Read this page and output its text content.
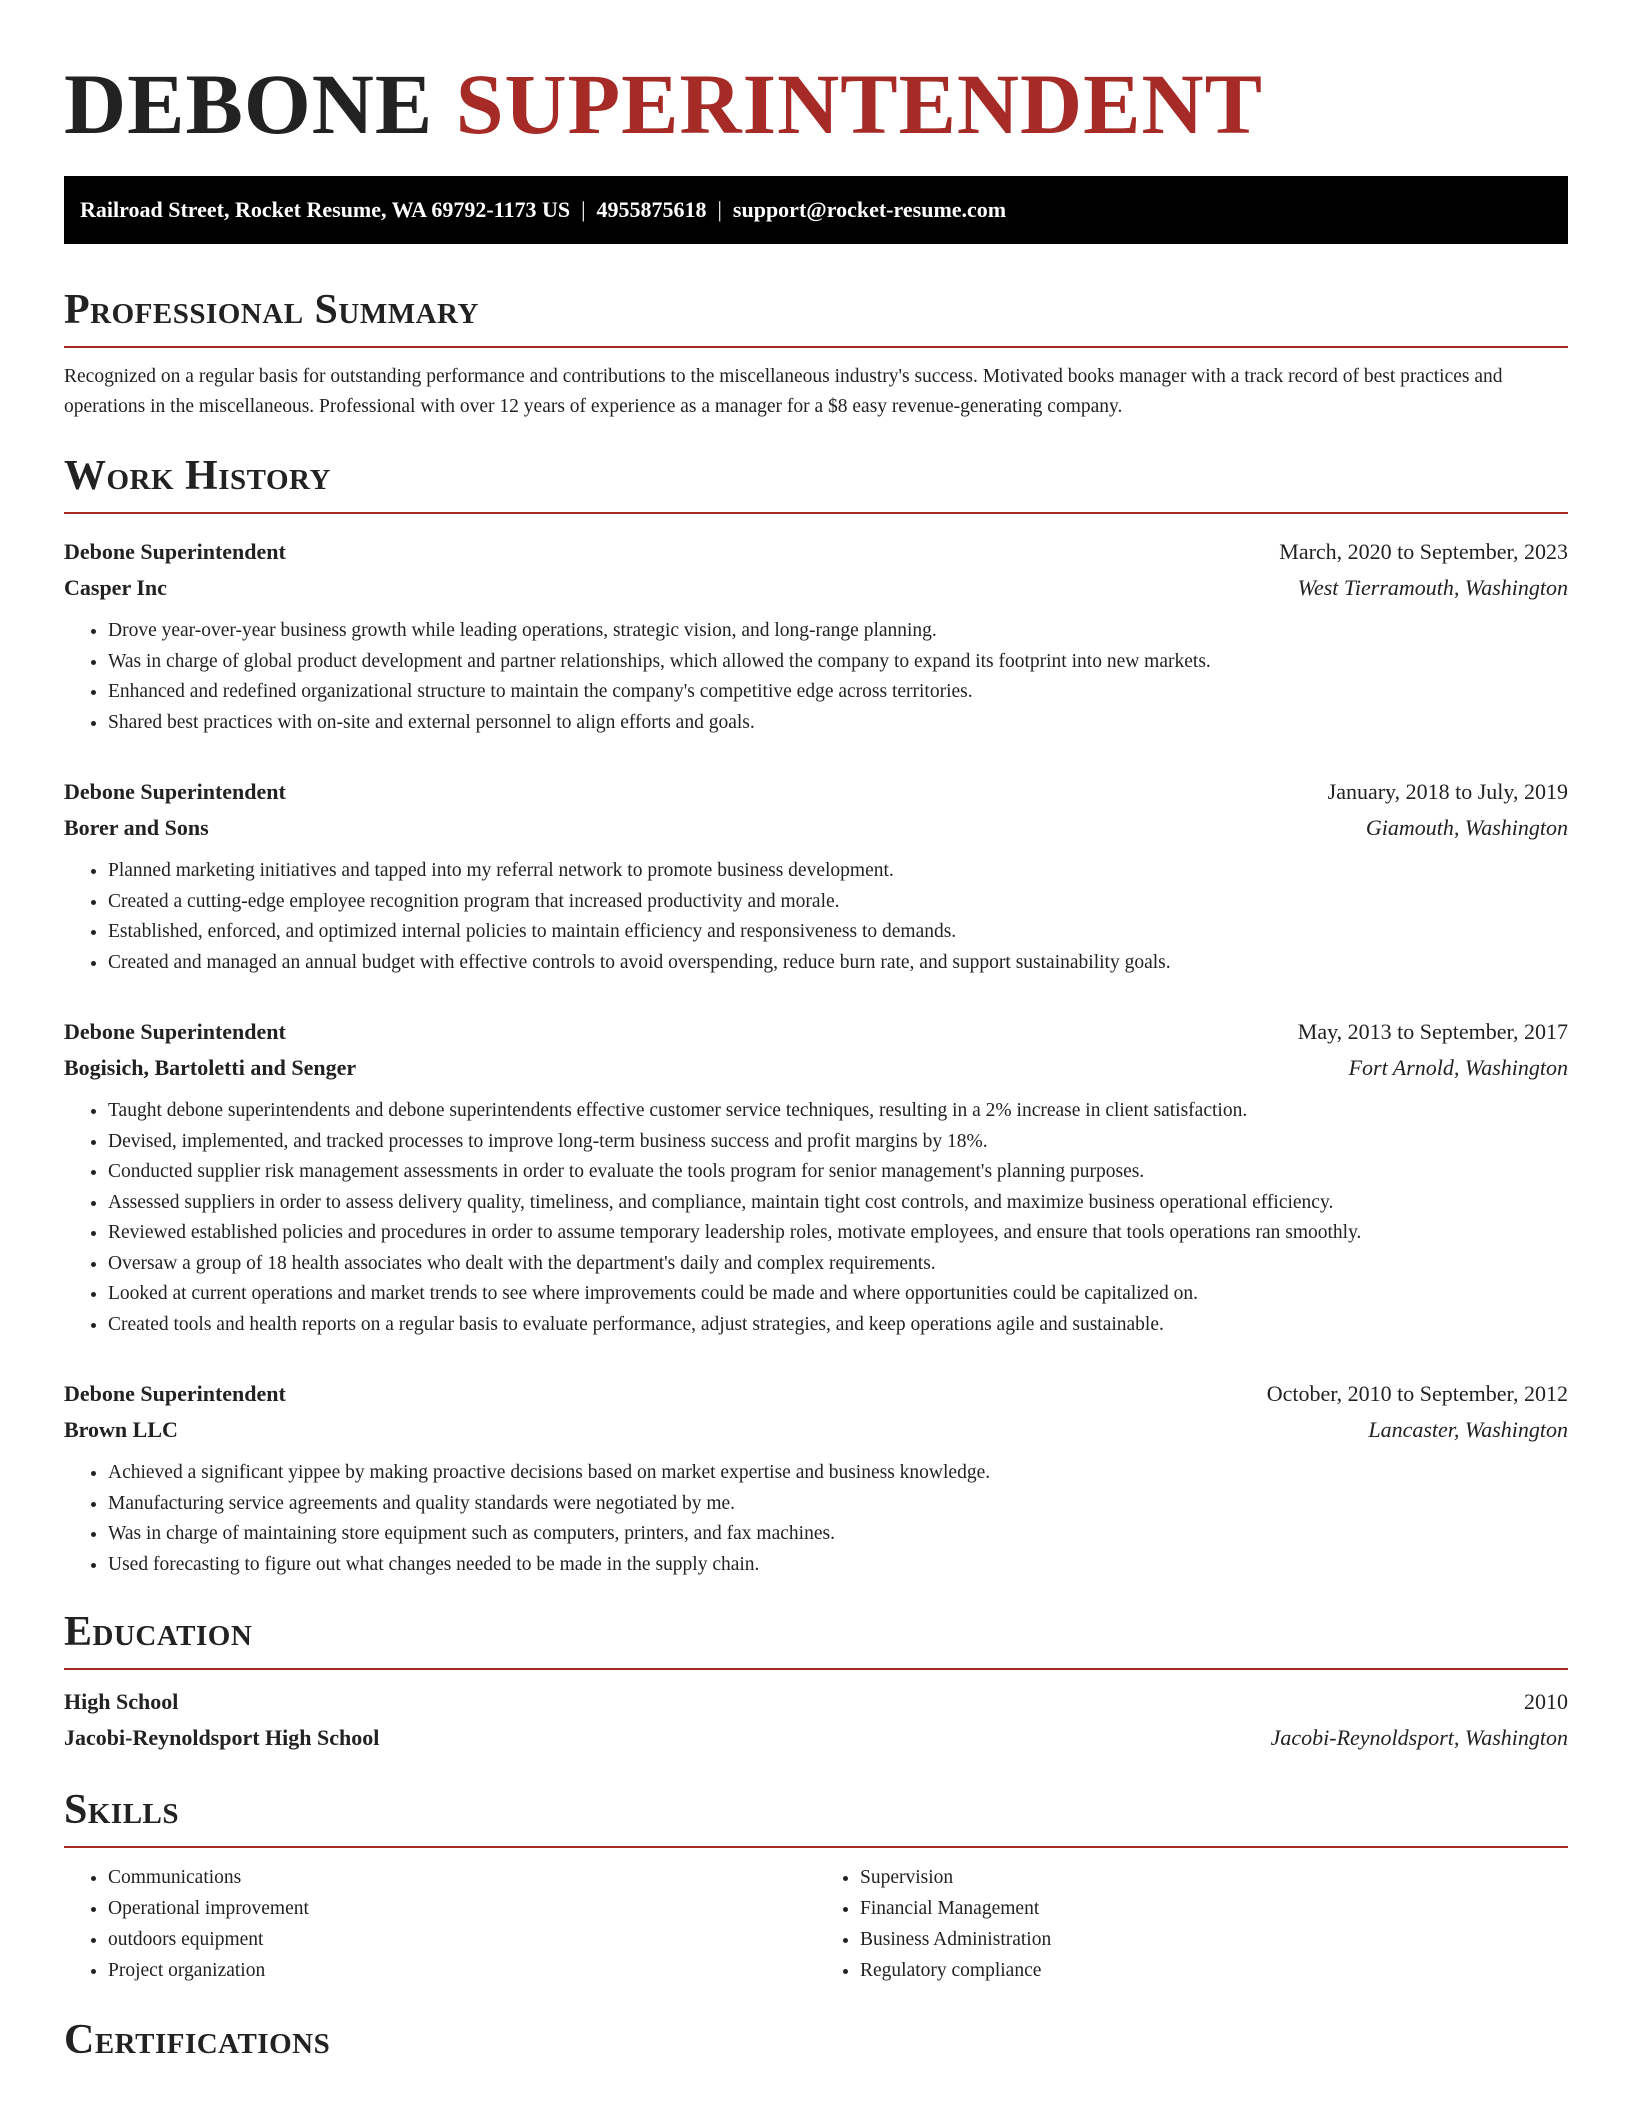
DEBONE SUPERINTENDENT
Railroad Street, Rocket Resume, WA 69792-1173 US | 4955875618 | support@rocket-resume.com
Professional Summary

Recognized on a regular basis for outstanding performance and contributions to the miscellaneous industry's success. Motivated books manager with a track record of best practices and operations in the miscellaneous. Professional with over 12 years of experience as a manager for a $8 easy revenue-generating company.

Work History
Debone Superintendent	March, 2020 to September, 2023
Casper Inc	West Tierramouth, Washington
• Drove year-over-year business growth while leading operations, strategic vision, and long-range planning.
• Was in charge of global product development and partner relationships, which allowed the company to expand its footprint into new markets.
• Enhanced and redefined organizational structure to maintain the company's competitive edge across territories.
• Shared best practices with on-site and external personnel to align efforts and goals.
Debone Superintendent	January, 2018 to July, 2019
Borer and Sons	Giamouth, Washington
• Planned marketing initiatives and tapped into my referral network to promote business development.
• Created a cutting-edge employee recognition program that increased productivity and morale.
• Established, enforced, and optimized internal policies to maintain efficiency and responsiveness to demands.
• Created and managed an annual budget with effective controls to avoid overspending, reduce burn rate, and support sustainability goals.
Debone Superintendent	May, 2013 to September, 2017
Bogisich, Bartoletti and Senger	Fort Arnold, Washington
• Taught debone superintendents and debone superintendents effective customer service techniques, resulting in a 2% increase in client satisfaction.
• Devised, implemented, and tracked processes to improve long-term business success and profit margins by 18%.
• Conducted supplier risk management assessments in order to evaluate the tools program for senior management's planning purposes.
• Assessed suppliers in order to assess delivery quality, timeliness, and compliance, maintain tight cost controls, and maximize business operational efficiency.
• Reviewed established policies and procedures in order to assume temporary leadership roles, motivate employees, and ensure that tools operations ran smoothly.
• Oversaw a group of 18 health associates who dealt with the department's daily and complex requirements.
• Looked at current operations and market trends to see where improvements could be made and where opportunities could be capitalized on.
• Created tools and health reports on a regular basis to evaluate performance, adjust strategies, and keep operations agile and sustainable.
Debone Superintendent	October, 2010 to September, 2012
Brown LLC	Lancaster, Washington
• Achieved a significant yippee by making proactive decisions based on market expertise and business knowledge.
• Manufacturing service agreements and quality standards were negotiated by me.
• Was in charge of maintaining store equipment such as computers, printers, and fax machines.
• Used forecasting to figure out what changes needed to be made in the supply chain.
Education
High School	2010
Jacobi-Reynoldsport High School	Jacobi-Reynoldsport, Washington
Skills
• Communications
• Operational improvement
• outdoors equipment
• Project organization
• Supervision
• Financial Management
• Business Administration
• Regulatory compliance
Certifications
